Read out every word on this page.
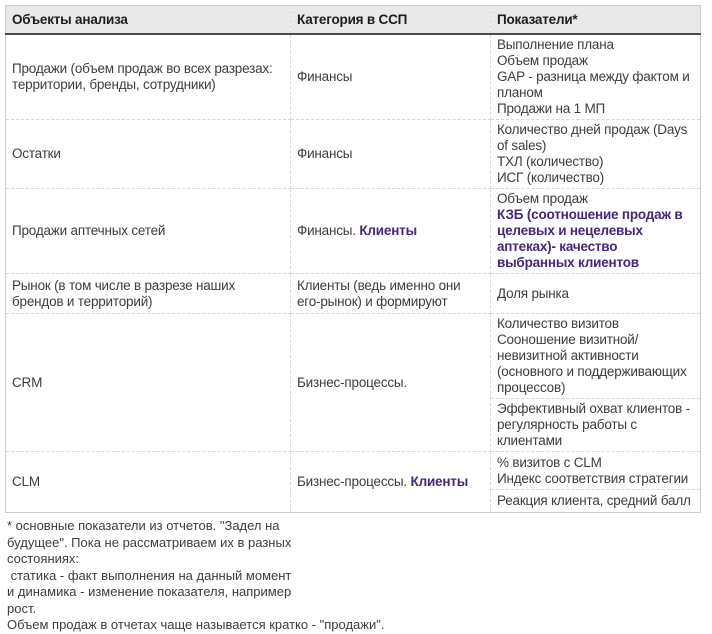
Объекты анализа	Категория в ССП	Показатели*
Продажи (объем продаж во всех разрезах: территории, бренды, сотрудники)	Финансы	Выполнение плана
Объем продаж
GAP - разница между фактом и планом
Продажи на 1 МП

Остатки	Финансы	Количество дней продаж (Days of sales)
ТХЛ (количество)
ИСГ (количество)

Продажи аптечных сетей	Финансы. Клиенты	Объем продаж
КЗБ (соотношение продаж в целевых и нецелевых аптеках)- качество выбранных клиентов

Рынок (в том числе в разрезе наших брендов и территорий)	Клиенты (ведь именно они его-рынок) и формируют	Доля рынка

CRM	Бизнес-процессы.	Количество визитов
Сооношение визитной/невизитной активности (основного и поддерживающих процессов)

		Эффективный охват клиентов - регулярность работы с клиентами

CLM	Бизнес-процессы. Клиенты	% визитов с CLM
Индекс соответствия стратегии

		Реакция клиента, средний балл
* основные показатели из отчетов. "Задел на
будущее". Пока не рассматриваем их в разных
состояниях:
статика - факт выполнения на данный момент
и динамика - изменение показателя, например
рост.
Объем продаж в отчетах чаще называется кратко - "продажи".
